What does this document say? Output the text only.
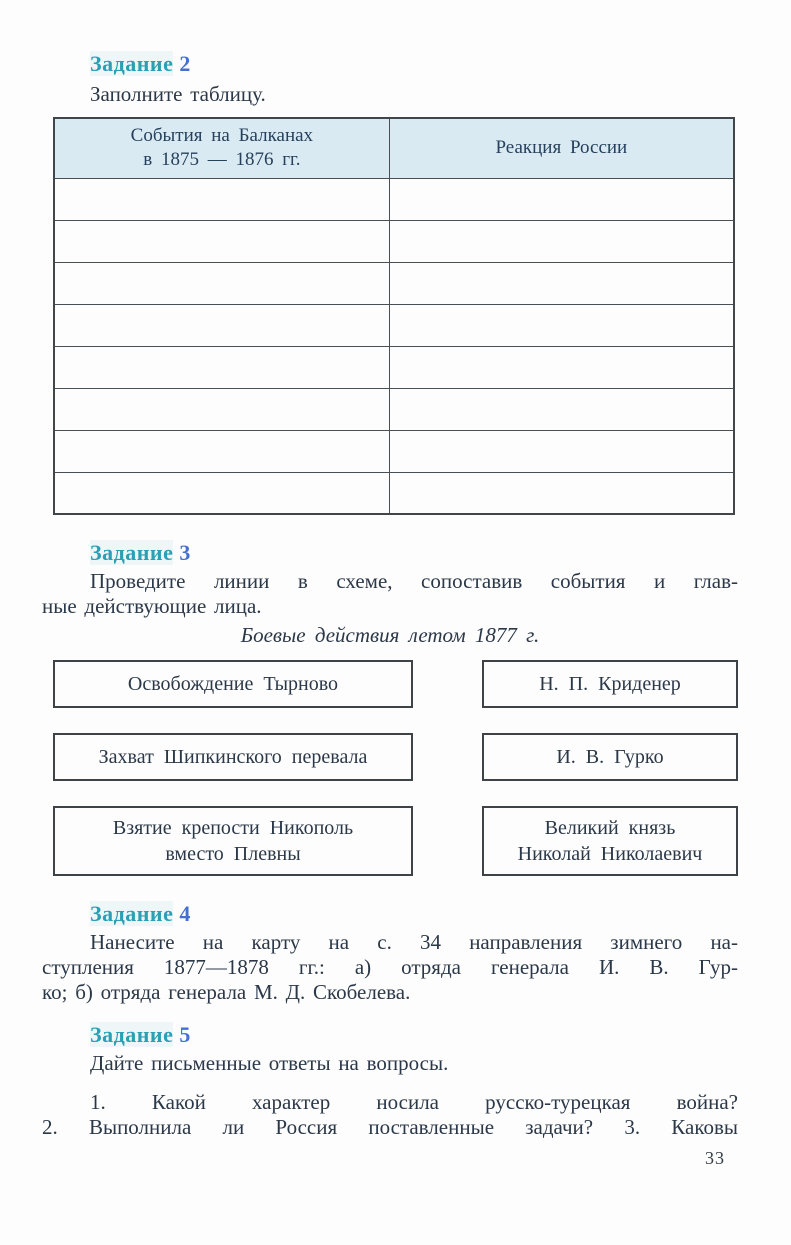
Задание 2
Заполните таблицу.
События на Балканах
в 1875 — 1876 гг.	Реакция России

Задание 3
Проведите линии в схеме, сопоставив события и глав-
ные действующие лица.
Боевые действия летом 1877 г.
Освобождение Тырново	Н. П. Криденер
Захват Шипкинского перевала	И. В. Гурко
Взятие крепости Никополь
вместо Плевны
Великий князь
Николай Николаевич
Задание 4
Нанесите на карту на с. 34 направления зимнего на-
ступления 1877—1878 гг.: а) отряда генерала И. В. Гур-
ко; б) отряда генерала М. Д. Скобелева.
Задание 5
Дайте письменные ответы на вопросы.
1. Какой характер носила русско-турецкая война?
2. Выполнила ли Россия поставленные задачи? 3. Каковы
33
